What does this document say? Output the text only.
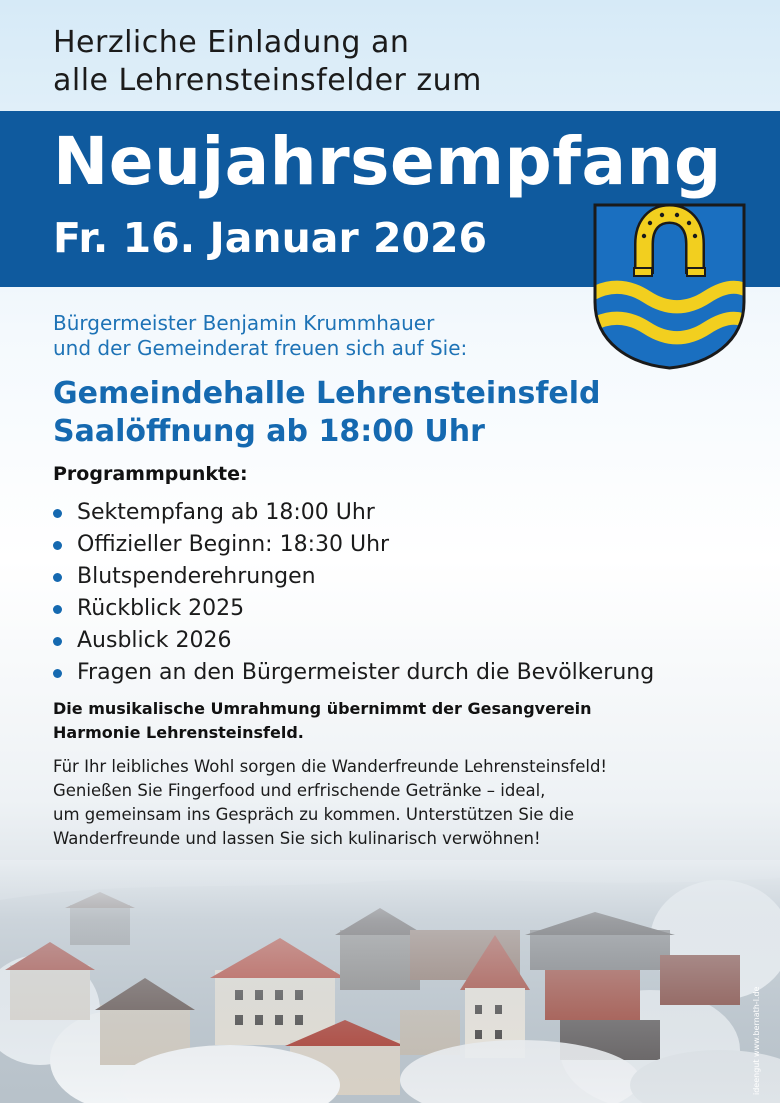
Herzliche Einladung an
alle Lehrensteinsfelder zum
Neujahrsempfang
Fr. 16. Januar 2026
Bürgermeister Benjamin Krummhauer
und der Gemeinderat freuen sich auf Sie:
Gemeindehalle Lehrensteinsfeld
Saalöffnung ab 18:00 Uhr
Programmpunkte:
Sektempfang ab 18:00 Uhr
Offizieller Beginn: 18:30 Uhr
Blutspenderehrungen
Rückblick 2025
Ausblick 2026
Fragen an den Bürgermeister durch die Bevölkerung
Die musikalische Umrahmung übernimmt der Gesangverein
Harmonie Lehrensteinsfeld.
Für Ihr leibliches Wohl sorgen die Wanderfreunde Lehrensteinsfeld!
Genießen Sie Fingerfood und erfrischende Getränke – ideal,
um gemeinsam ins Gespräch zu kommen. Unterstützen Sie die
Wanderfreunde und lassen Sie sich kulinarisch verwöhnen!
ideengut www.bernath-l.de
